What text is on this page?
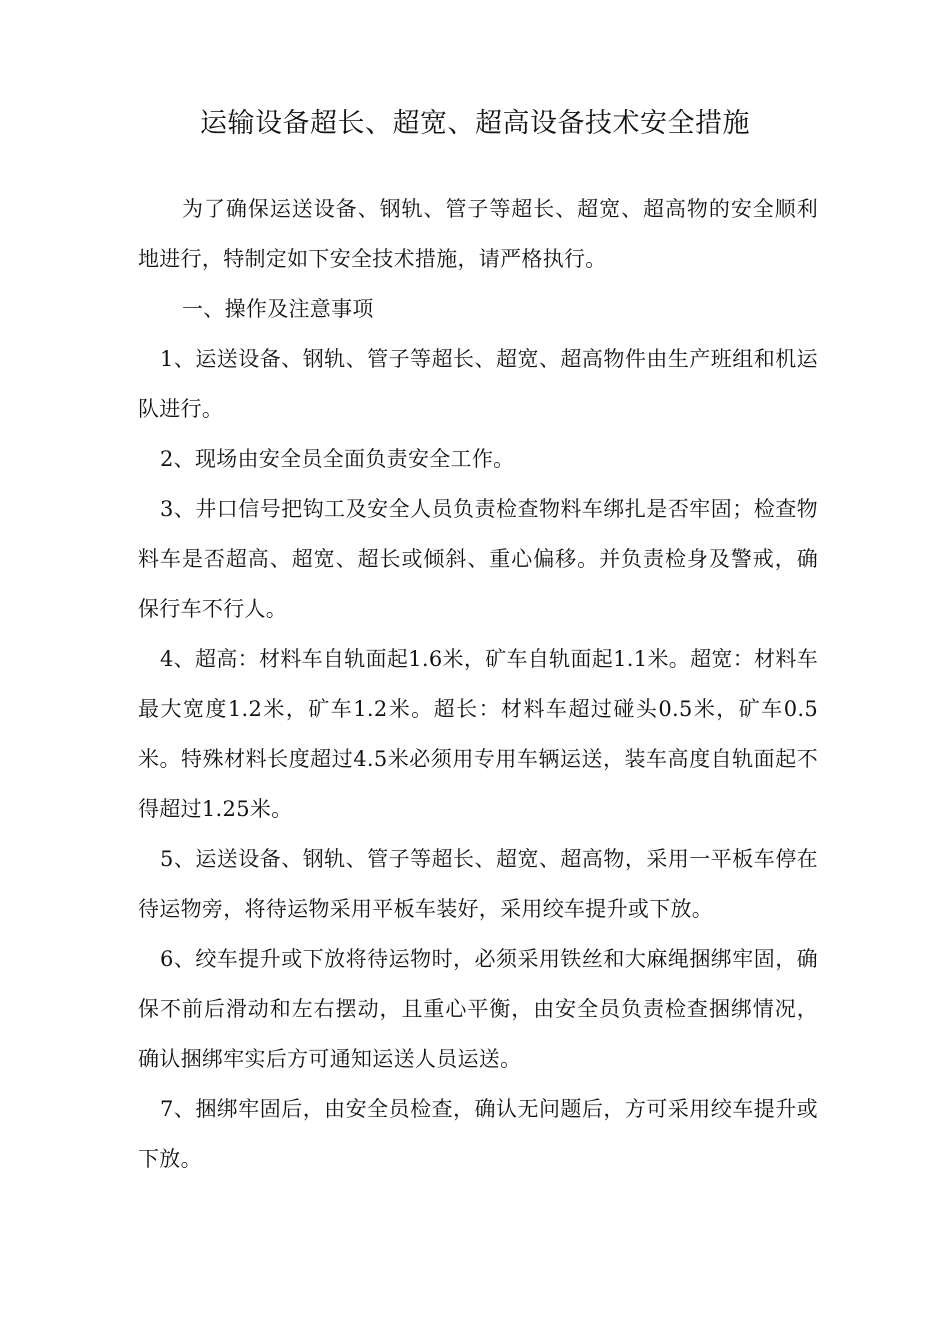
运输设备超长、超宽、超高设备技术安全措施

为了确保运送设备、钢轨、管子等超长、超宽、超高物的安全顺利地进行，特制定如下安全技术措施，请严格执行。

一、操作及注意事项

1、运送设备、钢轨、管子等超长、超宽、超高物件由生产班组和机运队进行。

2、现场由安全员全面负责安全工作。

3、井口信号把钩工及安全人员负责检查物料车绑扎是否牢固；检查物料车是否超高、超宽、超长或倾斜、重心偏移。并负责检身及警戒，确保行车不行人。

4、超高：材料车自轨面起1.6米，矿车自轨面起1.1米。超宽：材料车最大宽度1.2米，矿车1.2米。超长：材料车超过碰头0.5米，矿车0.5米。特殊材料长度超过4.5米必须用专用车辆运送，装车高度自轨面起不得超过1.25米。

5、运送设备、钢轨、管子等超长、超宽、超高物，采用一平板车停在待运物旁，将待运物采用平板车装好，采用绞车提升或下放。

6、绞车提升或下放将待运物时，必须采用铁丝和大麻绳捆绑牢固，确保不前后滑动和左右摆动，且重心平衡，由安全员负责检查捆绑情况，确认捆绑牢实后方可通知运送人员运送。

7、捆绑牢固后，由安全员检查，确认无问题后，方可采用绞车提升或下放。
